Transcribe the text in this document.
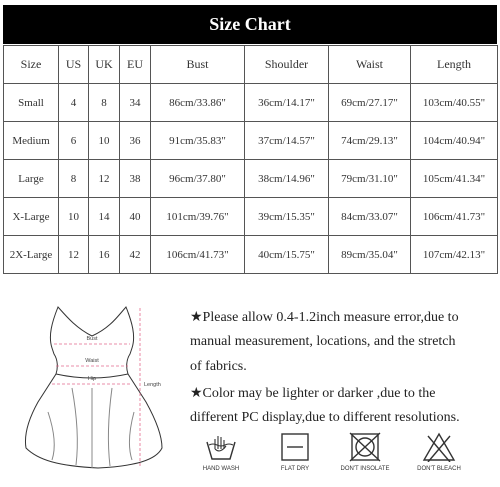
Size Chart
Size	US	UK	EU	Bust	Shoulder	Waist	Length
Small	4	8	34	86cm/33.86"	36cm/14.17"	69cm/27.17"	103cm/40.55"
Medium	6	10	36	91cm/35.83"	37cm/14.57"	74cm/29.13"	104cm/40.94"
Large	8	12	38	96cm/37.80"	38cm/14.96"	79cm/31.10"	105cm/41.34"
X-Large	10	14	40	101cm/39.76"	39cm/15.35"	84cm/33.07"	106cm/41.73"
2X-Large	12	16	42	106cm/41.73"	40cm/15.75"	89cm/35.04"	107cm/42.13"
Bust
Waist
Hip
Length
★Please allow 0.4-1.2inch measure error,due to
manual measurement, locations, and the stretch
of fabrics.
★Color may be lighter or darker ,due to the
different PC display,due to different resolutions.
HAND WASH	FLAT DRY	DON'T INSOLATE	DON'T BLEACH
